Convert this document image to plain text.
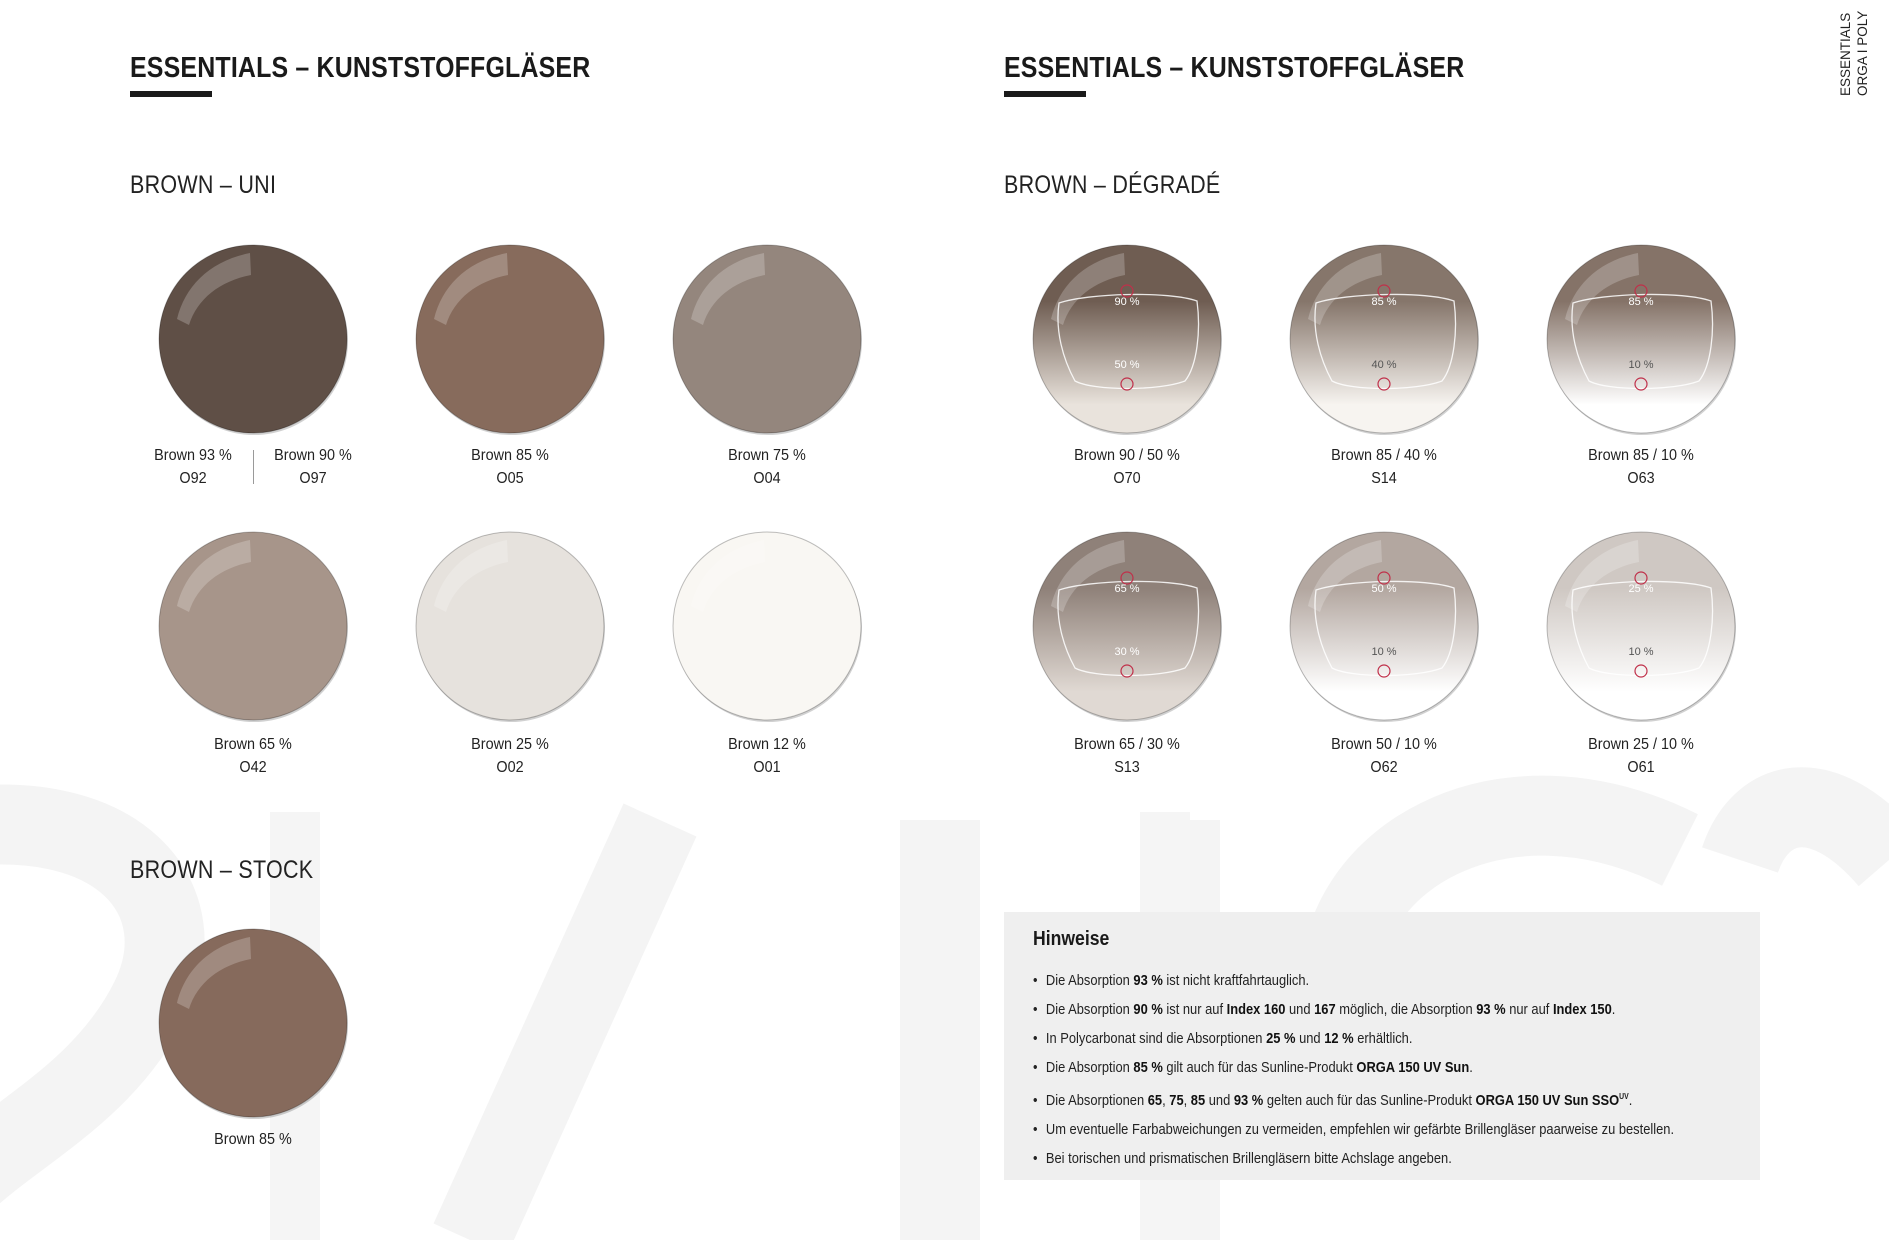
ESSENTIALS ORGA I POLY
ESSENTIALS – KUNSTSTOFFGLÄSER
BROWN – UNI
BROWN – STOCK
ESSENTIALS – KUNSTSTOFFGLÄSER
BROWN – DÉGRADÉ
90 %
50 %
85 %
40 %
85 %
10 %
65 %
30 %
50 %
10 %
25 %
10 %
Hinweise
• Die Absorption 93 % ist nicht kraftfahrtauglich.
• Die Absorption 90 % ist nur auf Index 160 und 167 möglich, die Absorption 93 % nur auf Index 150.
• In Polycarbonat sind die Absorptionen 25 % und 12 % erhältlich.
• Die Absorption 85 % gilt auch für das Sunline-Produkt ORGA 150 UV Sun.
• Die Absorptionen 65, 75, 85 und 93 % gelten auch für das Sunline-Produkt ORGA 150 UV Sun $SSO^{UV}$.
• Um eventuelle Farbabweichungen zu vermeiden, empfehlen wir gefärbte Brillengläser paarweise zu bestellen.
• Bei torischen und prismatischen Brillengläsern bitte Achslage angeben.
Brown 93 %
O92
Brown 90 %
O97
Brown 85 %
O05
Brown 75 %
O04
Brown 65 %
O42
Brown 25 %
O02
Brown 12 %
O01
Brown 85 %
Brown 90 / 50 %
O70
Brown 85 / 40 %
S14
Brown 85 / 10 %
O63
Brown 65 / 30 %
S13
Brown 50 / 10 %
O62
Brown 25 / 10 %
O61
